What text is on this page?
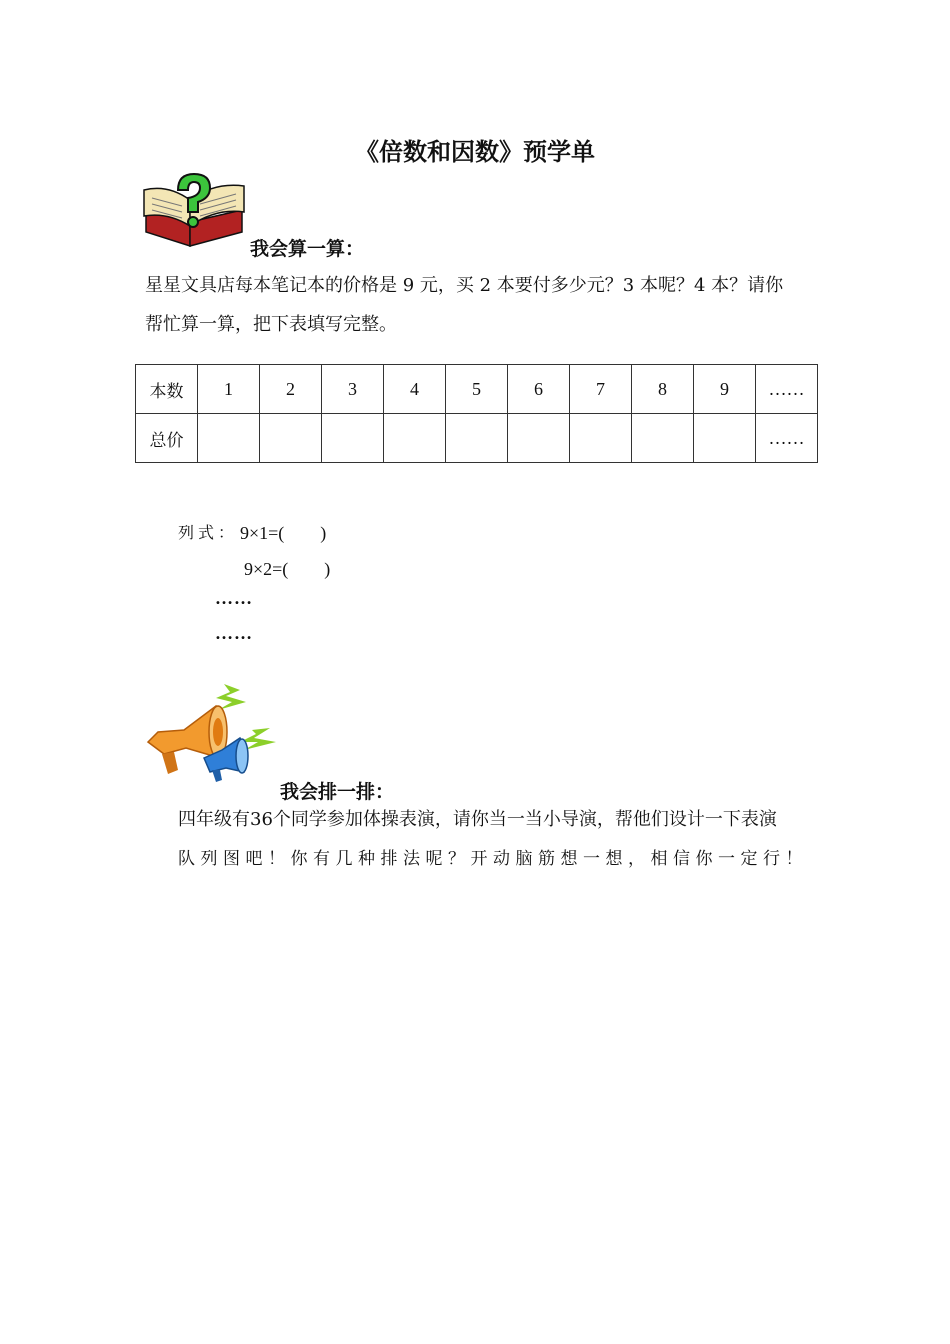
《倍数和因数》预学单
我会算一算：
星星文具店每本笔记本的价格是 9 元，买 2 本要付多少元？3 本呢？4 本？请你
帮忙算一算，把下表填写完整。
本数	1	2	3	4	5	6	7	8	9	……
总价										……
列式： 9×1=(　　)
9×2=(　　)
……
……
我会排一排：
四年级有36个同学参加体操表演，请你当一当小导演，帮他们设计一下表演
队列图吧！你有几种排法呢？开动脑筋想一想，相信你一定行！
